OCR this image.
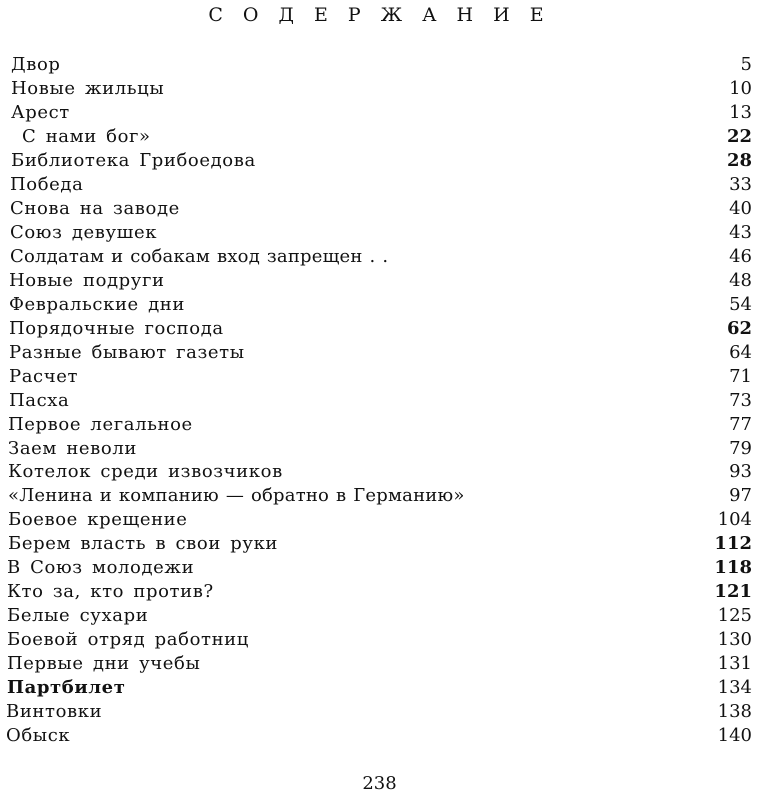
С О Д Е Р Ж А Н И Е
Двор	5
Новые жильцы	10
Арест	13
С нами бог»	22
Библиотека Грибоедова	28
Победа	33
Снова на заводе	40
Союз девушек	43
Солдатам и собакам вход запрещен . .	46
Новые подруги	48
Февральские дни	54
Порядочные господа	62
Разные бывают газеты	64
Расчет	71
Пасха	73
Первое легальное	77
Заем неволи	79
Котелок среди извозчиков	93
«Ленина и компанию — обратно в Германию»	97
Боевое крещение	104
Берем власть в свои руки	112
В Союз молодежи	118
Кто за, кто против?	121
Белые сухари	125
Боевой отряд работниц	130
Первые дни учебы	131
Партбилет	134
Винтовки	138
Обыск	140
238
